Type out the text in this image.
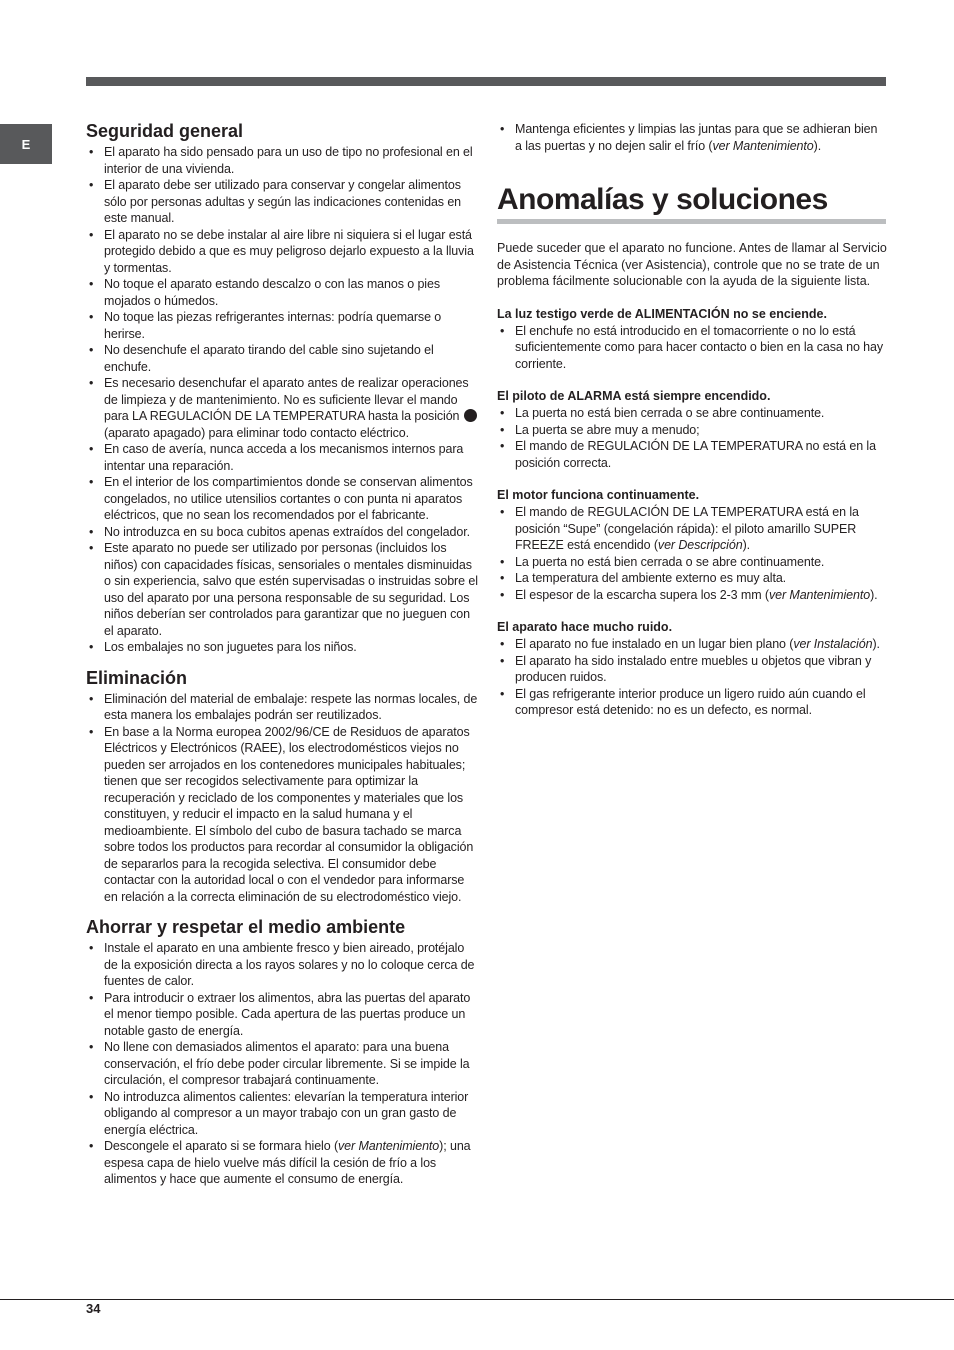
E
Seguridad general
• El aparato ha sido pensado para un uso de tipo no profesional en el interior de una vivienda.
• El aparato debe ser utilizado para conservar y congelar alimentos sólo por personas adultas y según las indicaciones contenidas en este manual.
• El aparato no se debe instalar al aire libre ni siquiera si el lugar está protegido debido a que es muy peligroso dejarlo expuesto a la lluvia y tormentas.
• No toque el aparato estando descalzo o con las manos o pies mojados o húmedos.
• No toque las piezas refrigerantes internas: podría quemarse o herirse.
• No desenchufe el aparato tirando del cable sino sujetando el enchufe.
• Es necesario desenchufar el aparato antes de realizar operaciones de limpieza y de mantenimiento. No es suficiente llevar el mando para LA REGULACIÓN DE LA TEMPERATURA hasta la posición (aparato apagado) para eliminar todo contacto eléctrico.
• En caso de avería, nunca acceda a los mecanismos internos para intentar una reparación.
• En el interior de los compartimientos donde se conservan alimentos congelados, no utilice utensilios cortantes o con punta ni aparatos eléctricos, que no sean los recomendados por el fabricante.
• No introduzca en su boca cubitos apenas extraídos del congelador.
• Este aparato no puede ser utilizado por personas (incluidos los niños) con capacidades físicas, sensoriales o mentales disminuidas o sin experiencia, salvo que estén supervisadas o instruidas sobre el uso del aparato por una persona responsable de su seguridad. Los niños deberían ser controlados para garantizar que no jueguen con el aparato.
• Los embalajes no son juguetes para los niños.
Eliminación
• Eliminación del material de embalaje: respete las normas locales, de esta manera los embalajes podrán ser reutilizados.
• En base a la Norma europea 2002/96/CE de Residuos de aparatos Eléctricos y Electrónicos (RAEE), los electrodomésticos viejos no pueden ser arrojados en los contenedores municipales habituales; tienen que ser recogidos selectivamente para optimizar la recuperación y reciclado de los componentes y materiales que los constituyen, y reducir el impacto en la salud humana y el medioambiente. El símbolo del cubo de basura tachado se marca sobre todos los productos para recordar al consumidor la obligación de separarlos para la recogida selectiva. El consumidor debe contactar con la autoridad local o con el vendedor para informarse en relación a la correcta eliminación de su electrodoméstico viejo.
Ahorrar y respetar el medio ambiente
• Instale el aparato en una ambiente fresco y bien aireado, protéjalo de la exposición directa a los rayos solares y no lo coloque cerca de fuentes de calor.
• Para introducir o extraer los alimentos, abra las puertas del aparato el menor tiempo posible. Cada apertura de las puertas produce un notable gasto de energía.
• No llene con demasiados alimentos el aparato: para una buena conservación, el frío debe poder circular libremente. Si se impide la circulación, el compresor trabajará continuamente.
• No introduzca alimentos calientes: elevarían la temperatura interior obligando al compresor a un mayor trabajo con un gran gasto de energía eléctrica.
• Descongele el aparato si se formara hielo (ver Mantenimiento); una espesa capa de hielo vuelve más difícil la cesión de frío a los alimentos y hace que aumente el consumo de energía.
• Mantenga eficientes y limpias las juntas para que se adhieran bien a las puertas y no dejen salir el frío (ver Mantenimiento).
Anomalías y soluciones

Puede suceder que el aparato no funcione. Antes de llamar al Servicio de Asistencia Técnica (ver Asistencia), controle que no se trate de un problema fácilmente solucionable con la ayuda de la siguiente lista.

La luz testigo verde de ALIMENTACIÓN no se enciende.
• El enchufe no está introducido en el tomacorriente o no lo está suficientemente como para hacer contacto o bien en la casa no hay corriente.
El piloto de ALARMA está siempre encendido.
• La puerta no está bien cerrada o se abre continuamente.
• La puerta se abre muy a menudo;
• El mando de REGULACIÓN DE LA TEMPERATURA no está en la posición correcta.
El motor funciona continuamente.
• El mando de REGULACIÓN DE LA TEMPERATURA está en la posición “Supe” (congelación rápida): el piloto amarillo SUPER FREEZE está encendido (ver Descripción).
• La puerta no está bien cerrada o se abre continuamente.
• La temperatura del ambiente externo es muy alta.
• El espesor de la escarcha supera los 2-3 mm (ver Mantenimiento).
El aparato hace mucho ruido.
• El aparato no fue instalado en un lugar bien plano (ver Instalación).
• El aparato ha sido instalado entre muebles u objetos que vibran y producen ruidos.
• El gas refrigerante interior produce un ligero ruido aún cuando el compresor está detenido: no es un defecto, es normal.
34
